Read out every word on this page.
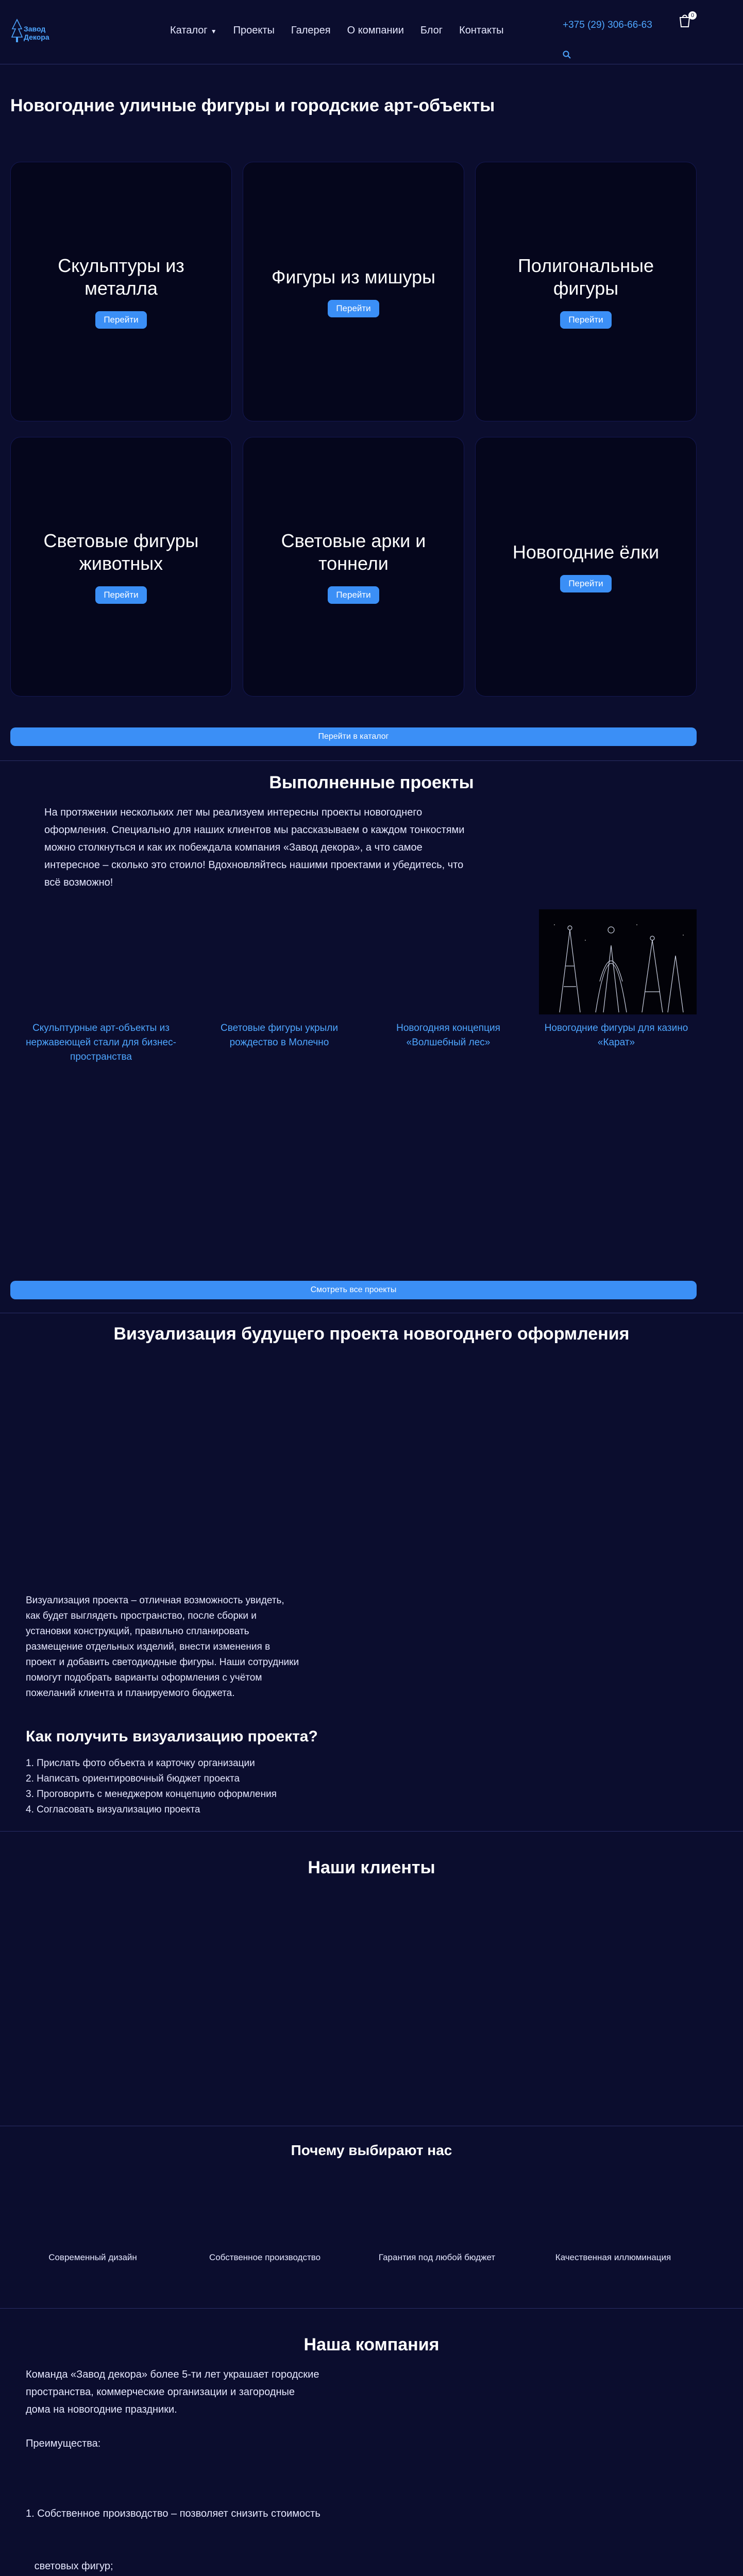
Завод
Декора
Каталог ▼ Проекты Галерея О компании Блог Контакты	+375 (29) 306-66-63
0
Новогодние уличные фигуры и городские арт-объекты
Скульптуры из металла
Перейти
Фигуры из мишуры
Перейти
Полигональные фигуры
Перейти
Световые фигуры животных
Перейти
Световые арки и тоннели
Перейти
Новогодние ёлки
Перейти
Перейти в каталог
Выполненные проекты
На протяжении нескольких лет мы реализуем интересны проекты новогоднего
оформления. Специально для наших клиентов мы рассказываем о каждом тонкостями
можно столкнуться и как их побеждала компания «Завод декора», а что самое
интересное – сколько это стоило! Вдохновляйтесь нашими проектами и убедитесь, что
всё возможно!
Скульптурные арт-объекты из нержавеющей стали для бизнес-пространства
Световые фигуры укрыли рождество в Молечно
Новогодняя концепция «Волшебный лес»
Новогодние фигуры для казино «Карат»
Смотреть все проекты
Визуализация будущего проекта новогоднего оформления
Визуализация проекта – отличная возможность увидеть,
как будет выглядеть пространство, после сборки и
установки конструкций, правильно спланировать
размещение отдельных изделий, внести изменения в
проект и добавить светодиодные фигуры. Наши сотрудники
помогут подобрать варианты оформления с учётом
пожеланий клиента и планируемого бюджета.
Как получить визуализацию проекта?
1. Прислать фото объекта и карточку организации
2. Написать ориентировочный бюджет проекта
3. Проговорить с менеджером концепцию оформления
4. Согласовать визуализацию проекта
Наши клиенты
Почему выбирают нас
Современный дизайн	Собственное производство	Гарантия под любой бюджет	Качественная иллюминация
Наша компания
Команда «Завод декора» более 5-ти лет украшает городские
пространства, коммерческие организации и загородные
дома на новогодние праздники.
Преимущества:

1. Собственное производство – позволяет снизить стоимость

световых фигур;
